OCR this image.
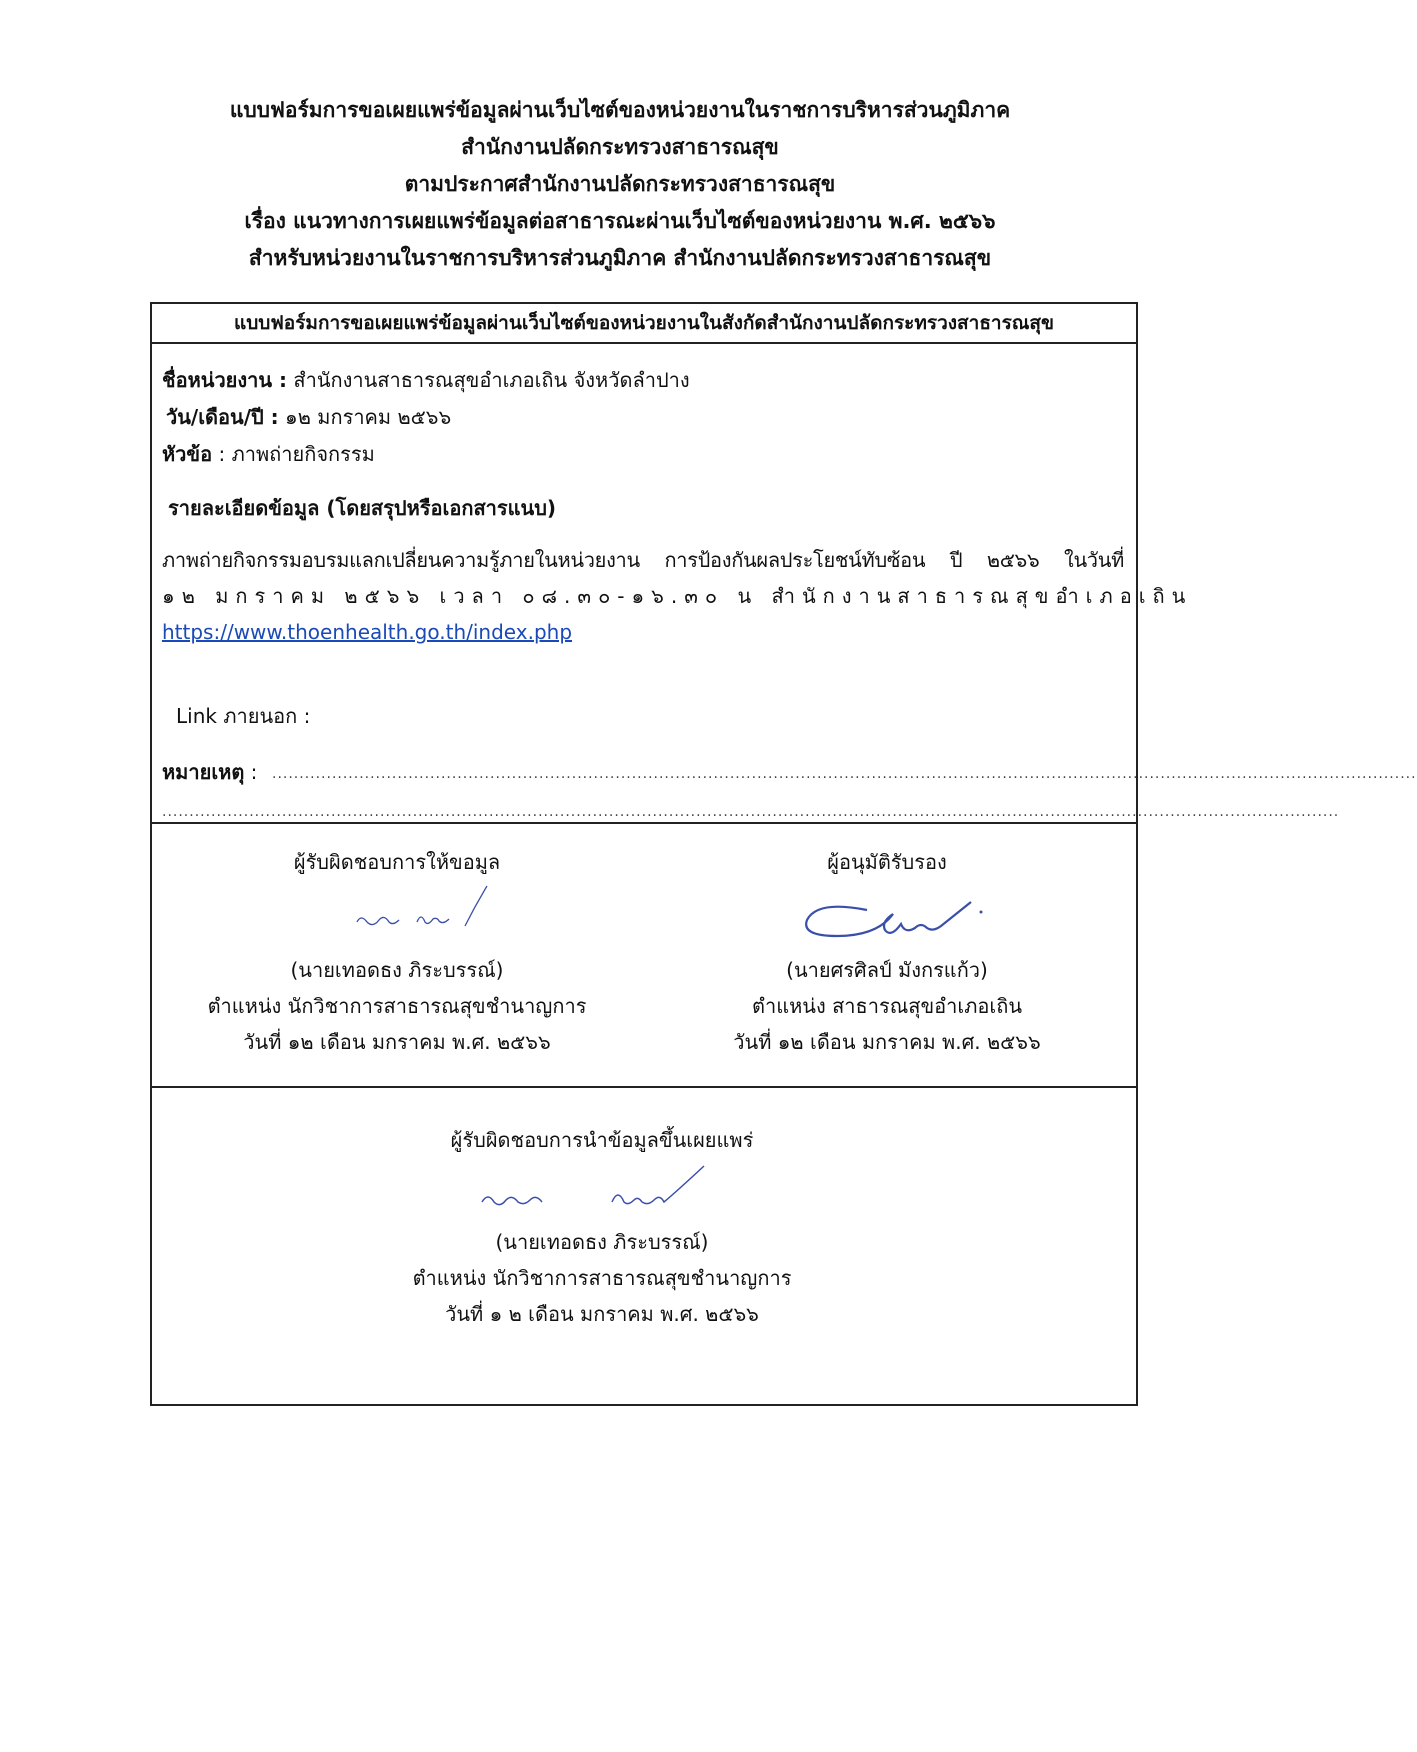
แบบฟอร์มการขอเผยแพร่ข้อมูลผ่านเว็บไซต์ของหน่วยงานในราชการบริหารส่วนภูมิภาค
สำนักงานปลัดกระทรวงสาธารณสุข
ตามประกาศสำนักงานปลัดกระทรวงสาธารณสุข
เรื่อง แนวทางการเผยแพร่ข้อมูลต่อสาธารณะผ่านเว็บไซต์ของหน่วยงาน พ.ศ. ๒๕๖๖
สำหรับหน่วยงานในราชการบริหารส่วนภูมิภาค สำนักงานปลัดกระทรวงสาธารณสุข
แบบฟอร์มการขอเผยแพร่ข้อมูลผ่านเว็บไซต์ของหน่วยงานในสังกัดสำนักงานปลัดกระทรวงสาธารณสุข
ชื่อหน่วยงาน : สำนักงานสาธารณสุขอำเภอเถิน จังหวัดลำปาง
วัน/เดือน/ปี : ๑๒ มกราคม ๒๕๖๖
หัวข้อ : ภาพถ่ายกิจกรรม
รายละเอียดข้อมูล (โดยสรุปหรือเอกสารแนบ)
ภาพถ่ายกิจกรรมอบรมแลกเปลี่ยนความรู้ภายในหน่วยงาน การป้องกันผลประโยชน์ทับซ้อน ปี ๒๕๖๖ ในวันที่
๑๒ มกราคม ๒๕๖๖ เวลา ๐๘.๓๐-๑๖.๓๐ น สำนักงานสาธารณสุขอำเภอเถิน
https://www.thoenhealth.go.th/index.php
Link ภายนอก :
หมายเหตุ : ..................................................................................................................................................................................................................
........................................................................................................................................................................................................................
ผู้รับผิดชอบการให้ขอมูล
(นายเทอดธง ภิระบรรณ์)
ตำแหน่ง นักวิชาการสาธารณสุขชำนาญการ
วันที่ ๑๒ เดือน มกราคม พ.ศ. ๒๕๖๖
ผู้อนุมัติรับรอง
(นายศรศิลป์ มังกรแก้ว)
ตำแหน่ง สาธารณสุขอำเภอเถิน
วันที่ ๑๒ เดือน มกราคม พ.ศ. ๒๕๖๖
ผู้รับผิดชอบการนำข้อมูลขึ้นเผยแพร่
(นายเทอดธง ภิระบรรณ์)
ตำแหน่ง นักวิชาการสาธารณสุขชำนาญการ
วันที่ ๑ ๒ เดือน มกราคม พ.ศ. ๒๕๖๖
